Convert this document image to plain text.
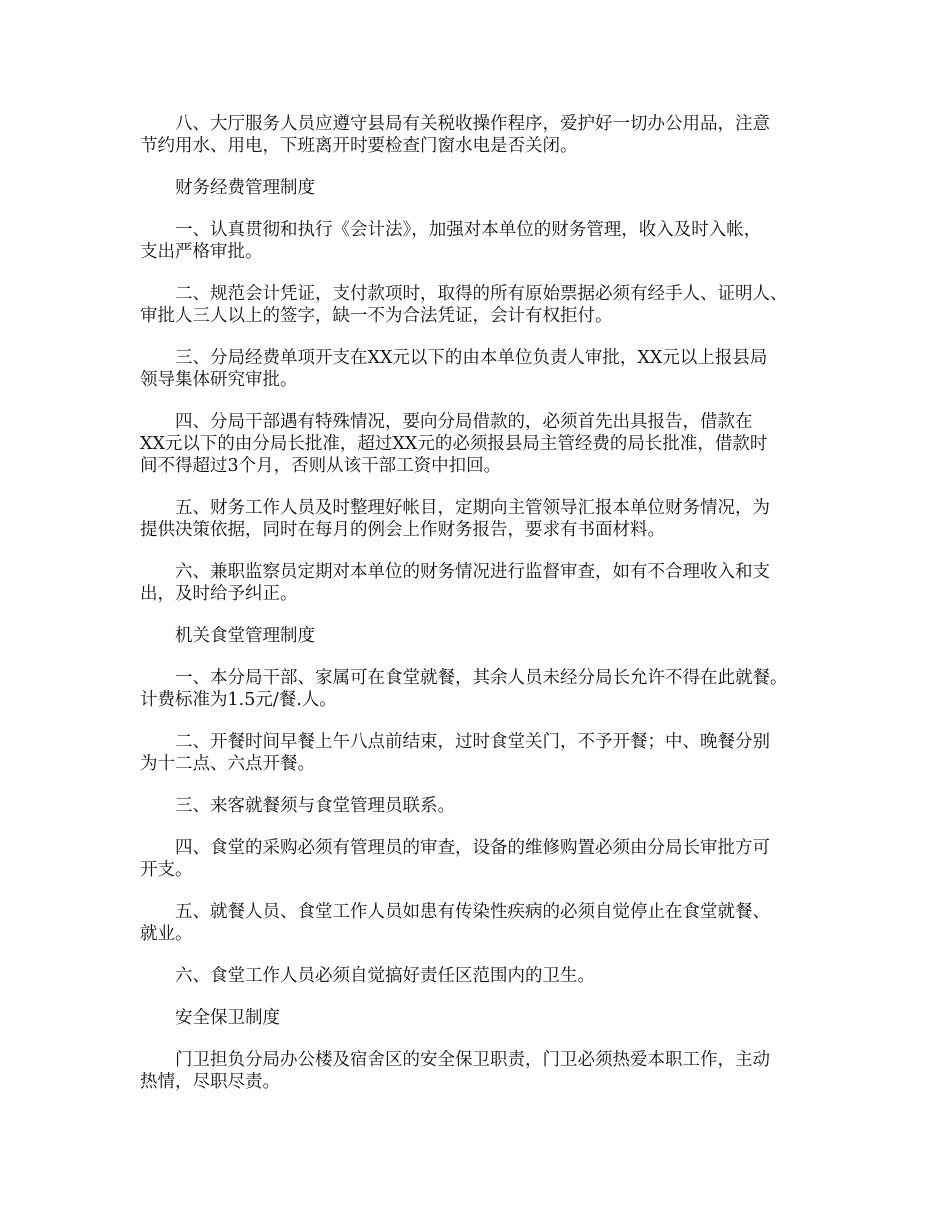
八、大厅服务人员应遵守县局有关税收操作程序，爱护好一切办公用品，注意
节约用水、用电，下班离开时要检查门窗水电是否关闭。
财务经费管理制度
一、认真贯彻和执行《会计法》，加强对本单位的财务管理，收入及时入帐，
支出严格审批。
二、规范会计凭证，支付款项时，取得的所有原始票据必须有经手人、证明人、
审批人三人以上的签字，缺一不为合法凭证，会计有权拒付。
三、分局经费单项开支在XX元以下的由本单位负责人审批，XX元以上报县局
领导集体研究审批。
四、分局干部遇有特殊情况，要向分局借款的，必须首先出具报告，借款在
XX元以下的由分局长批准，超过XX元的必须报县局主管经费的局长批准，借款时
间不得超过3个月，否则从该干部工资中扣回。
五、财务工作人员及时整理好帐目，定期向主管领导汇报本单位财务情况，为
提供决策依据，同时在每月的例会上作财务报告，要求有书面材料。
六、兼职监察员定期对本单位的财务情况进行监督审查，如有不合理收入和支
出，及时给予纠正。
机关食堂管理制度
一、本分局干部、家属可在食堂就餐，其余人员未经分局长允许不得在此就餐。
计费标准为1.5元/餐.人。
二、开餐时间早餐上午八点前结束，过时食堂关门，不予开餐；中、晚餐分别
为十二点、六点开餐。
三、来客就餐须与食堂管理员联系。
四、食堂的采购必须有管理员的审查，设备的维修购置必须由分局长审批方可
开支。
五、就餐人员、食堂工作人员如患有传染性疾病的必须自觉停止在食堂就餐、
就业。
六、食堂工作人员必须自觉搞好责任区范围内的卫生。
安全保卫制度
门卫担负分局办公楼及宿舍区的安全保卫职责，门卫必须热爱本职工作，主动
热情，尽职尽责。
